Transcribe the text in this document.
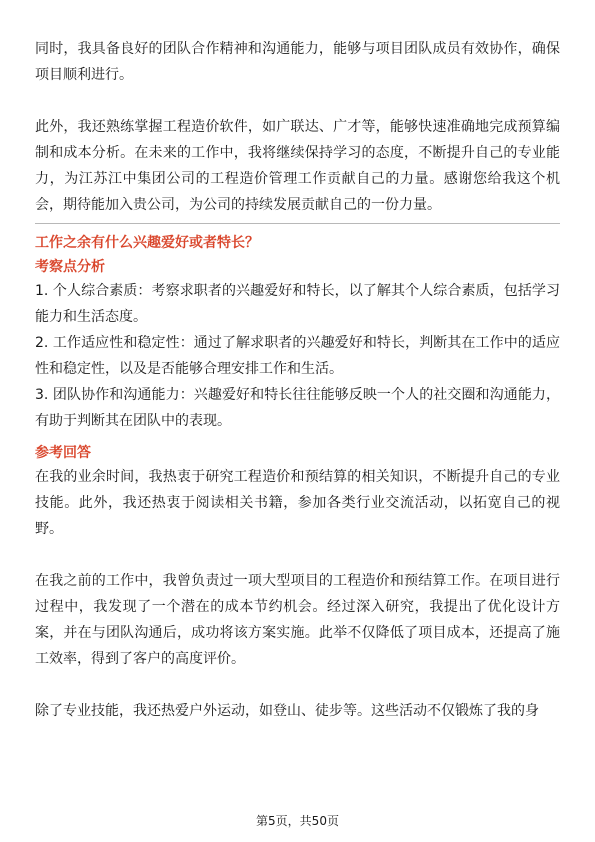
同时，我具备良好的团队合作精神和沟通能力，能够与项目团队成员有效协作，确保项目顺利进行。

此外，我还熟练掌握工程造价软件，如广联达、广才等，能够快速准确地完成预算编制和成本分析。在未来的工作中，我将继续保持学习的态度，不断提升自己的专业能力，为江苏江中集团公司的工程造价管理工作贡献自己的力量。感谢您给我这个机会，期待能加入贵公司，为公司的持续发展贡献自己的一份力量。

工作之余有什么兴趣爱好或者特长？

考察点分析

1. 个人综合素质：考察求职者的兴趣爱好和特长，以了解其个人综合素质，包括学习能力和生活态度。

2. 工作适应性和稳定性：通过了解求职者的兴趣爱好和特长，判断其在工作中的适应性和稳定性，以及是否能够合理安排工作和生活。

3. 团队协作和沟通能力：兴趣爱好和特长往往能够反映一个人的社交圈和沟通能力，有助于判断其在团队中的表现。

参考回答

在我的业余时间，我热衷于研究工程造价和预结算的相关知识，不断提升自己的专业技能。此外，我还热衷于阅读相关书籍，参加各类行业交流活动，以拓宽自己的视野。

在我之前的工作中，我曾负责过一项大型项目的工程造价和预结算工作。在项目进行过程中，我发现了一个潜在的成本节约机会。经过深入研究，我提出了优化设计方案，并在与团队沟通后，成功将该方案实施。此举不仅降低了项目成本，还提高了施工效率，得到了客户的高度评价。

除了专业技能，我还热爱户外运动，如登山、徒步等。这些活动不仅锻炼了我的身

第5页，共50页
